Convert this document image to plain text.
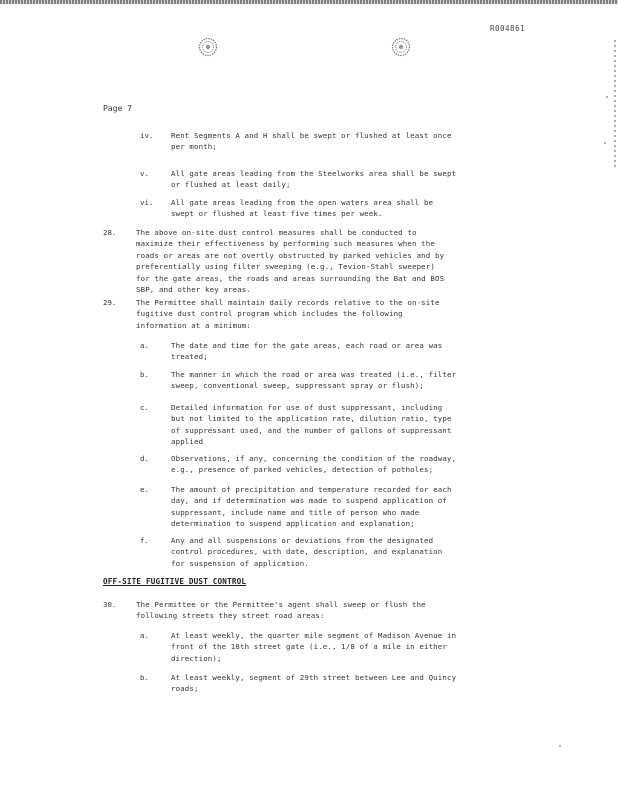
R004861
Page 7
iv. Rent Segments A and H shall be swept or flushed at least once
per month;
v.	All gate areas leading from the Steelworks area shall be swept
or flushed at least daily;
vi. All gate areas leading from the open waters area shall be
swept or flushed at least five times per week.
28.	The above on-site dust control measures shall be conducted to
maximize their effectiveness by performing such measures when the
roads or areas are not overtly obstructed by parked vehicles and by
preferentially using filter sweeping (e.g., Tevion-Stahl sweeper)
for the gate areas, the roads and areas surrounding the Bat and BOS
SBP, and other key areas.
29.	The Permittee shall maintain daily records relative to the on-site
fugitive dust control program which includes the following
information at a minimum:
a.	The date and time for the gate areas, each road or area was
treated;
b.	The manner in which the road or area was treated (i.e., filter
sweep, conventional sweep, suppressant spray or flush);
c.	Detailed information for use of dust suppressant, including
but not limited to the application rate, dilution ratio, type
of suppressant used, and the number of gallons of suppressant
applied
d.	Observations, if any, concerning the condition of the roadway,
e.g., presence of parked vehicles, detection of potholes;
e.	The amount of precipitation and temperature recorded for each
day, and if determination was made to suspend application of
suppressant, include name and title of person who made
determination to suspend application and explanation;
f.	Any and all suspensions or deviations from the designated
control procedures, with date, description, and explanation
for suspension of application.
OFF-SITE FUGITIVE DUST CONTROL
30.	The Permittee or the Permittee's agent shall sweep or flush the
following streets they street road areas:
a.	At least weekly, the quarter mile segment of Madison Avenue in
front of the 18th street gate (i.e., 1/8 of a mile in either
direction);
b.	At least weekly, segment of 29th street between Lee and Quincy
roads;
